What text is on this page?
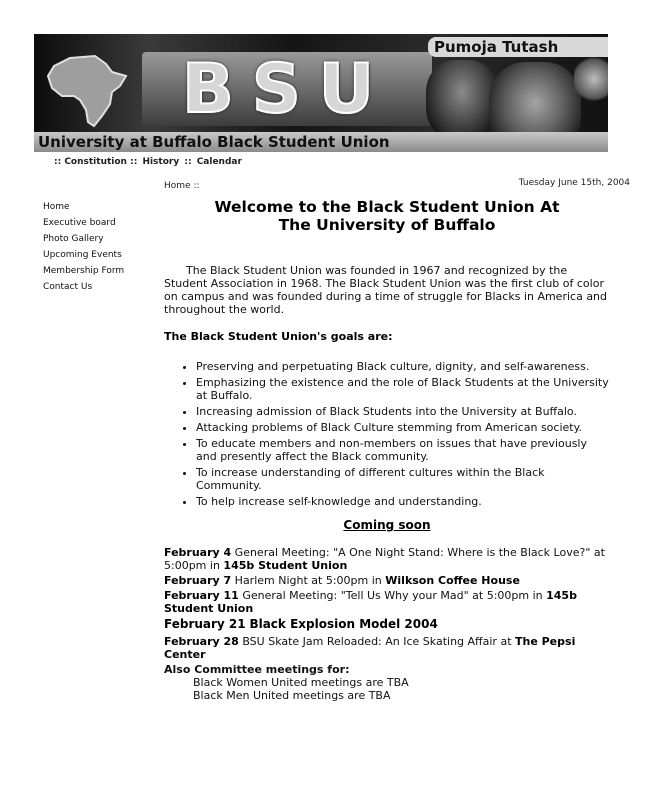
BSU
Pumoja Tutash
University at Buffalo Black Student Union
:: Constitution :: History :: Calendar
Tuesday June 15th, 2004
Home ::
Home
Executive board
Photo Gallery
Upcoming Events
Membership Form
Contact Us
Welcome to the Black Student Union At
The University of Buffalo

The Black Student Union was founded in 1967 and recognized by the Student Association in 1968. The Black Student Union was the first club of color on campus and was founded during a time of struggle for Blacks in America and throughout the world.

The Black Student Union's goals are:
• Preserving and perpetuating Black culture, dignity, and self-awareness.
• Emphasizing the existence and the role of Black Students at the University at Buffalo.
• Increasing admission of Black Students into the University at Buffalo.
• Attacking problems of Black Culture stemming from American society.
• To educate members and non-members on issues that have previously and presently affect the Black community.
• To increase understanding of different cultures within the Black Community.
• To help increase self-knowledge and understanding.
Coming soon
February 4 General Meeting: "A One Night Stand: Where is the Black Love?" at 5:00pm in 145b Student Union
February 7 Harlem Night at 5:00pm in Wilkson Coffee House
February 11 General Meeting: "Tell Us Why your Mad" at 5:00pm in 145b Student Union
February 21 Black Explosion Model 2004
February 28 BSU Skate Jam Reloaded: An Ice Skating Affair at The Pepsi Center
Also Committee meetings for:
Black Women United meetings are TBA
Black Men United meetings are TBA
